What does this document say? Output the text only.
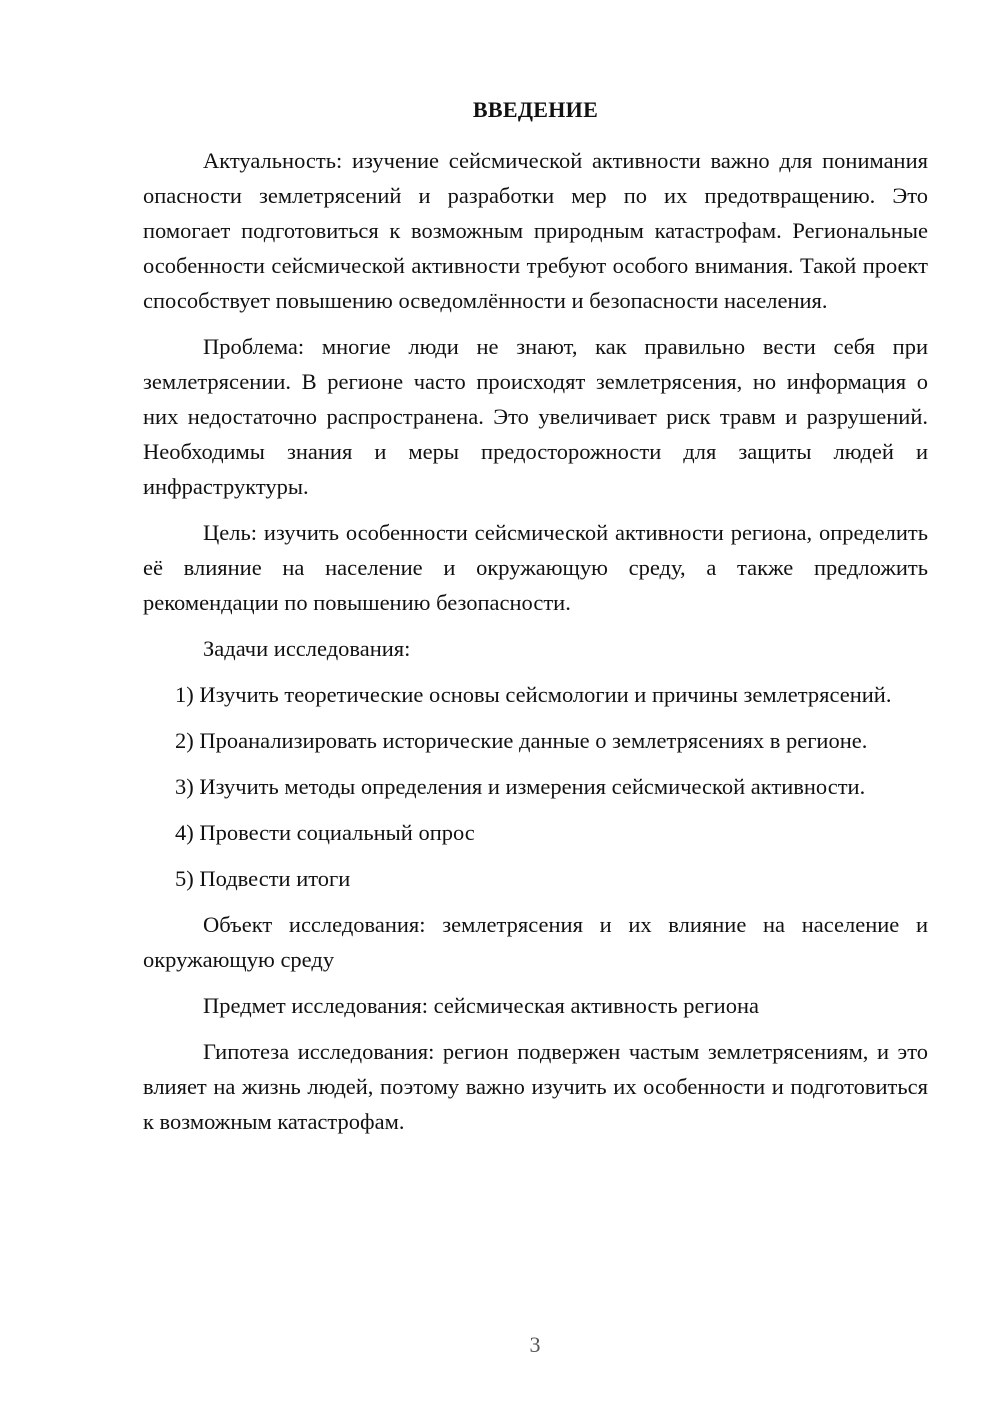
ВВЕДЕНИЕ

Актуальность: изучение сейсмической активности важно для понимания опасности землетрясений и разработки мер по их предотвращению. Это помогает подготовиться к возможным природным катастрофам. Региональные особенности сейсмической активности требуют особого внимания. Такой проект способствует повышению осведомлённости и безопасности населения.

Проблема: многие люди не знают, как правильно вести себя при землетрясении. В регионе часто происходят землетрясения, но информация о них недостаточно распространена. Это увеличивает риск травм и разрушений. Необходимы знания и меры предосторожности для защиты людей и инфраструктуры.

Цель: изучить особенности сейсмической активности региона, определить её влияние на население и окружающую среду, а также предложить рекомендации по повышению безопасности.

Задачи исследования:

1) Изучить теоретические основы сейсмологии и причины землетрясений.

2) Проанализировать исторические данные о землетрясениях в регионе.

3) Изучить методы определения и измерения сейсмической активности.

4) Провести социальный опрос

5) Подвести итоги

Объект исследования: землетрясения и их влияние на население и окружающую среду

Предмет исследования: сейсмическая активность региона

Гипотеза исследования: регион подвержен частым землетрясениям, и это влияет на жизнь людей, поэтому важно изучить их особенности и подготовиться к возможным катастрофам.

3
